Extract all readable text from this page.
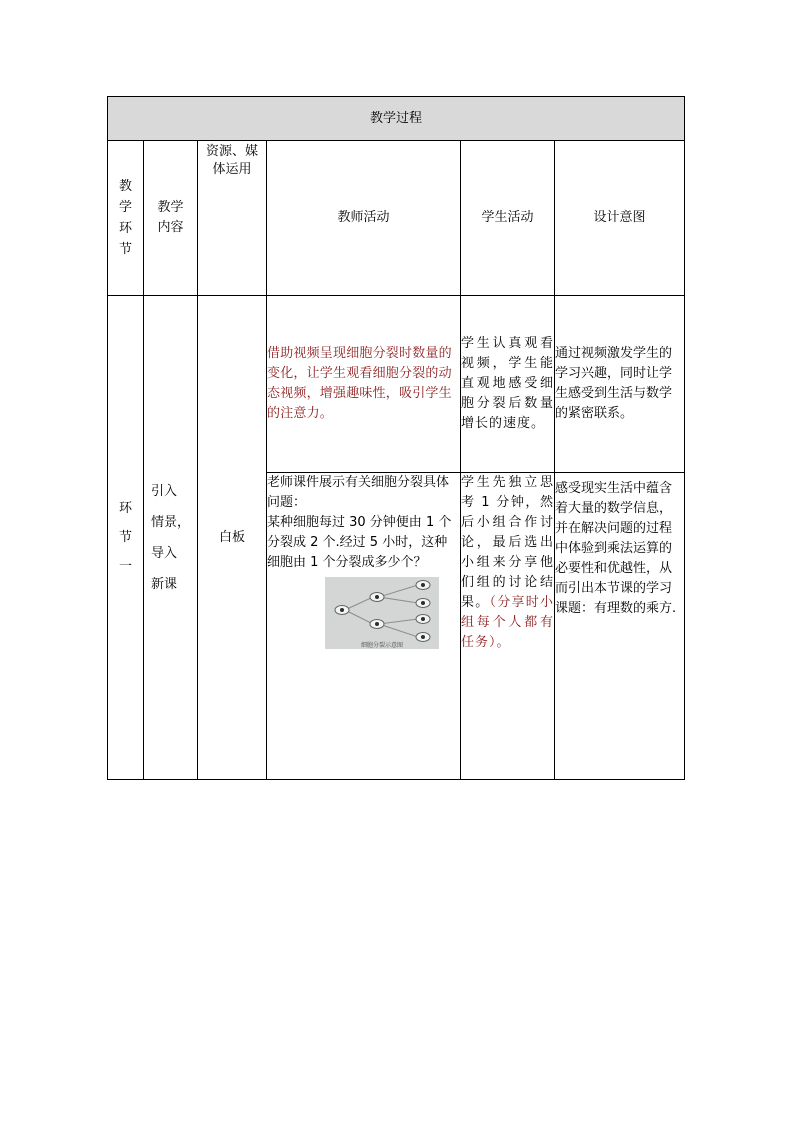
教学过程					

教学环节	教学内容	资源、媒体运用	教师活动	学生活动	设计意图

环节一	引入
情景，
导入
新课	白板	借助视频呈现细胞分裂时数量的变化，让学生观看细胞分裂的动态视频，增强趣味性，吸引学生的注意力。	学生认真观看视频，学生能直观地感受细胞分裂后数量增长的速度。	通过视频激发学生的学习兴趣，同时让学生感受到生活与数学的紧密联系。

			老师课件展示有关细胞分裂具体问题：
某种细胞每过 30 分钟便由 1 个分裂成 2 个.经过 5 小时，这种细胞由 1 个分裂成多少个？
细胞分裂示意图	学生先独立思考 1 分钟，然后小组合作讨论，最后选出小组来分享他们组的讨论结果。（分享时小组每个人都有任务）。	感受现实生活中蕴含着大量的数学信息，并在解决问题的过程中体验到乘法运算的必要性和优越性，从而引出本节课的学习课题：有理数的乘方.
